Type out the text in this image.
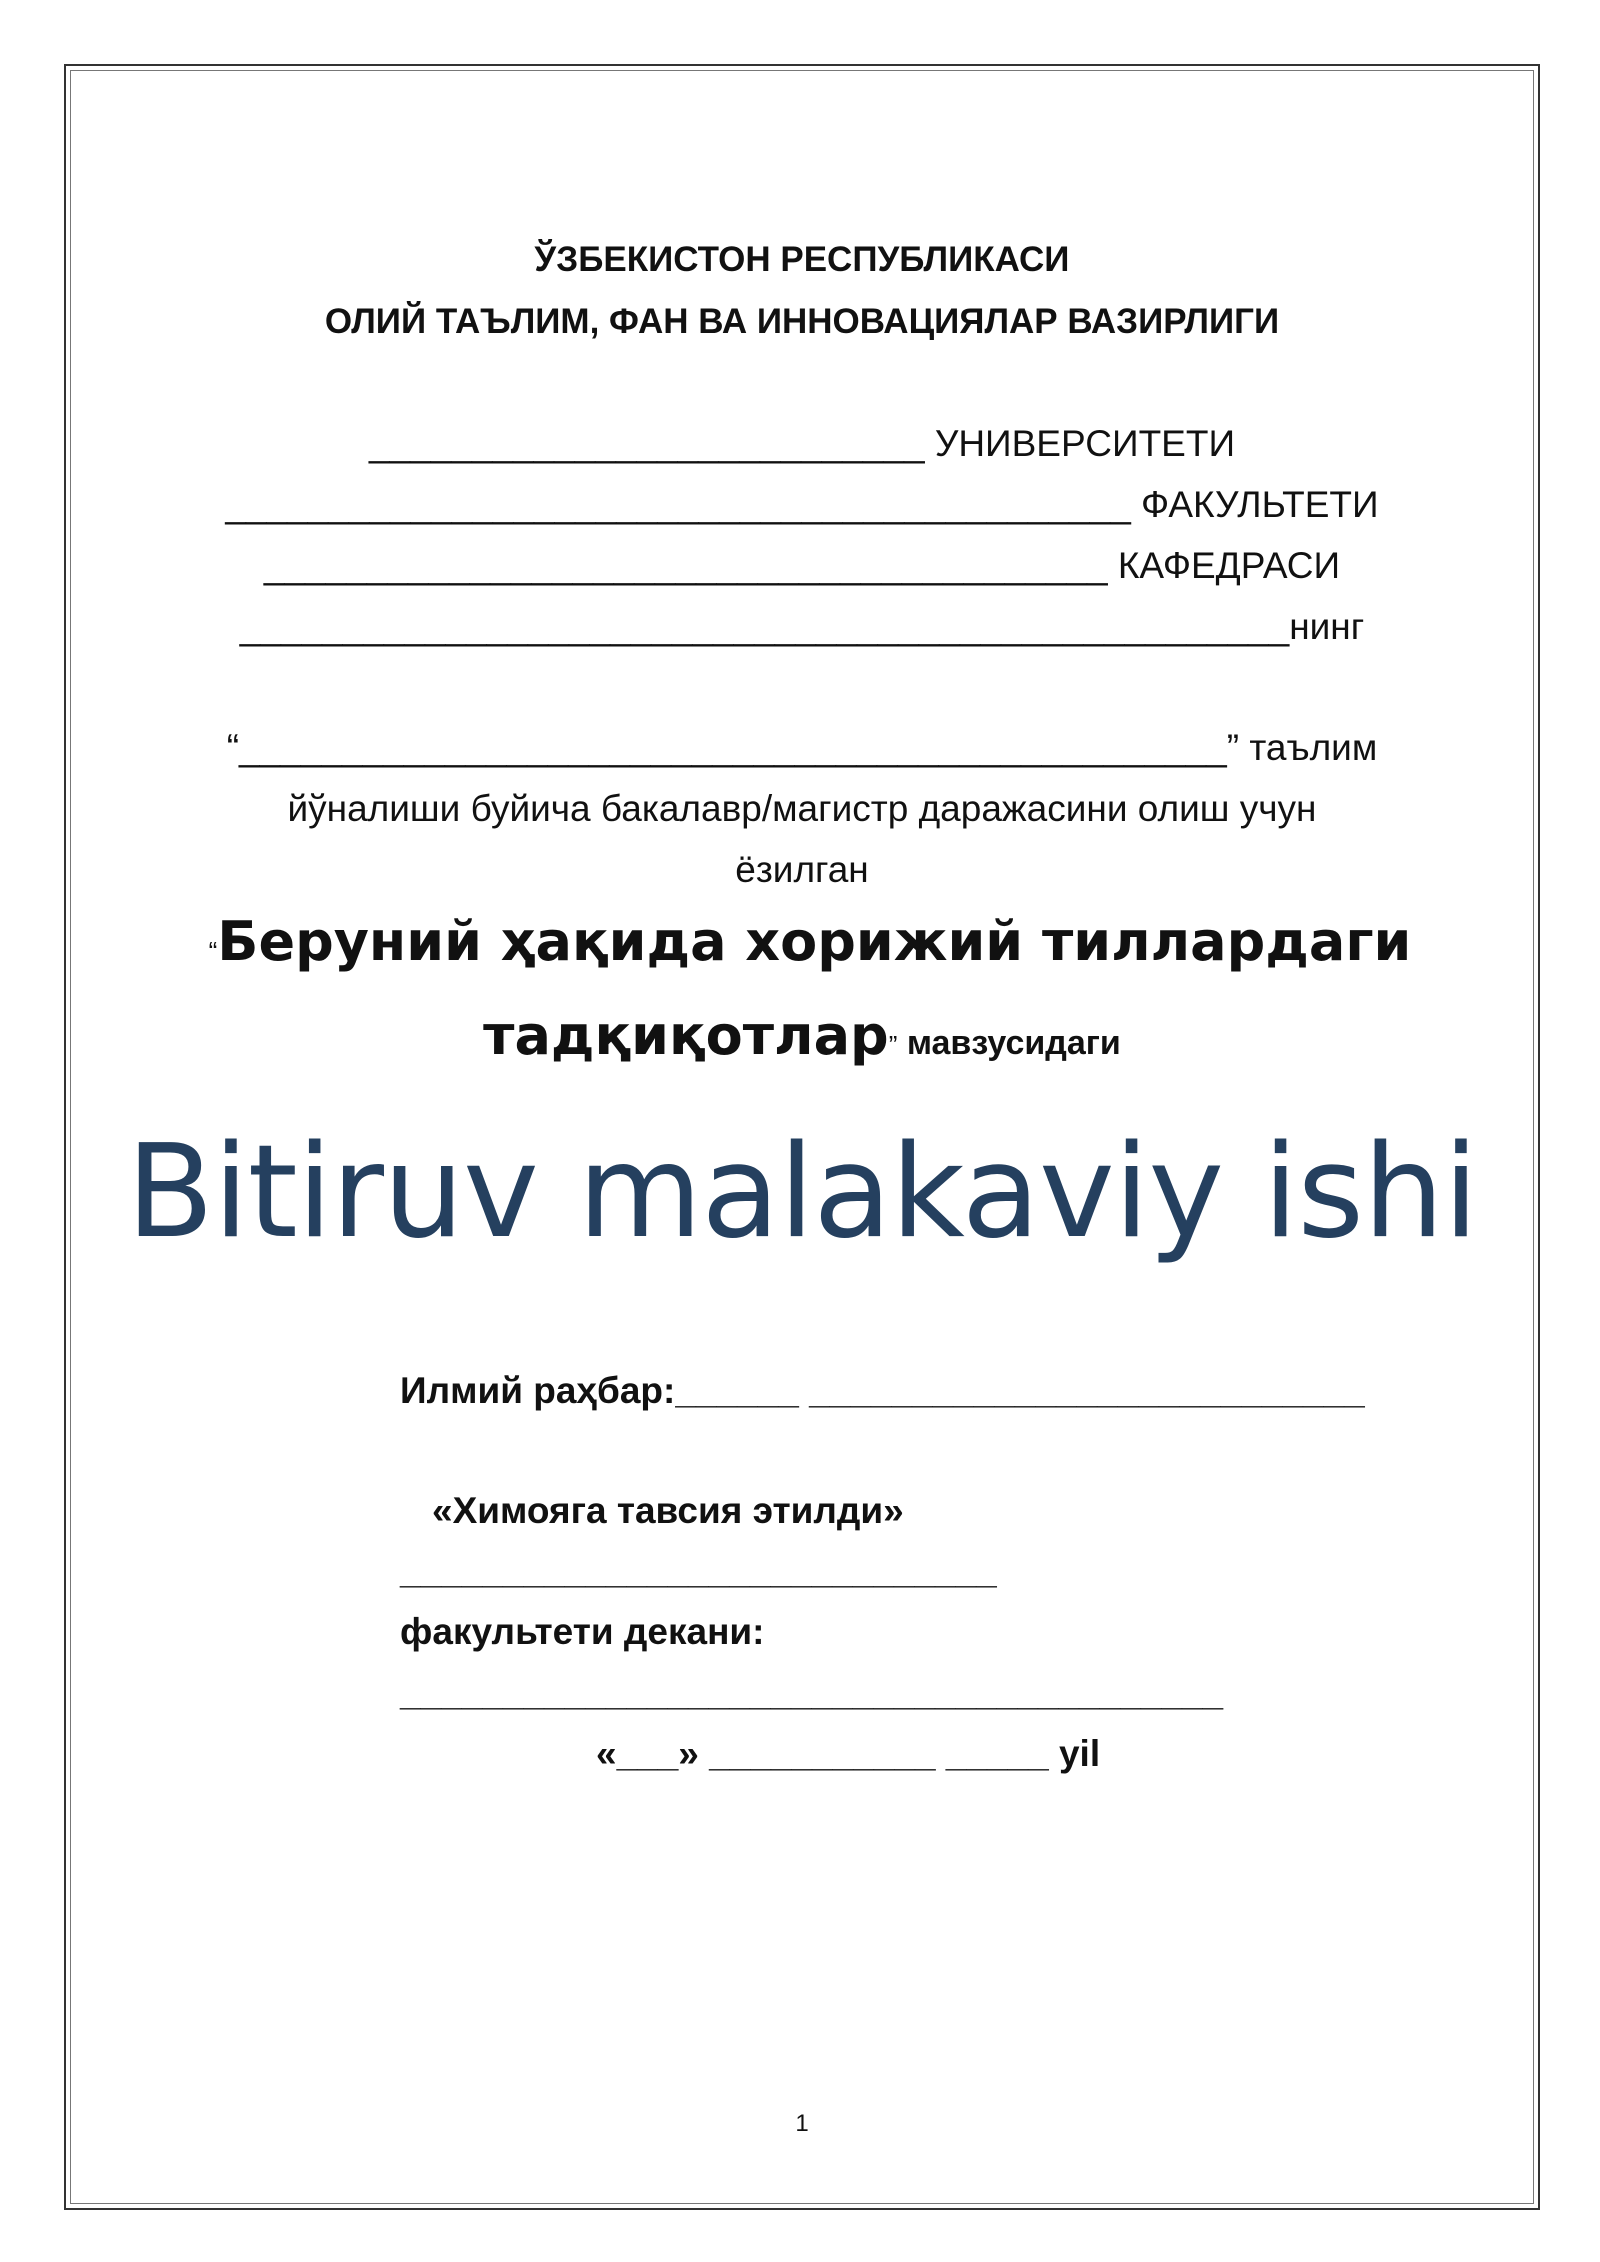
ЎЗБЕКИСТОН РЕСПУБЛИКАСИ
ОЛИЙ ТАЪЛИМ, ФАН ВА ИННОВАЦИЯЛАР ВАЗИРЛИГИ
___________________________ УНИВЕРСИТЕТИ
____________________________________________ ФАКУЛЬТЕТИ
_________________________________________ КАФЕДРАСИ
___________________________________________________нинг
“________________________________________________” таълим
йўналиши буйича бакалавр/магистр даражасини олиш учун
ёзилган
“Беруний ҳақида хорижий тиллардаги
тадқиқотлар” мавзусидаги
Bitiruv malakaviy ishi
Илмий раҳбар:______ ___________________________
«Химояга тавсия этилди»
_____________________________
факультети декани:
________________________________________
«___» ___________ _____ yil
1
